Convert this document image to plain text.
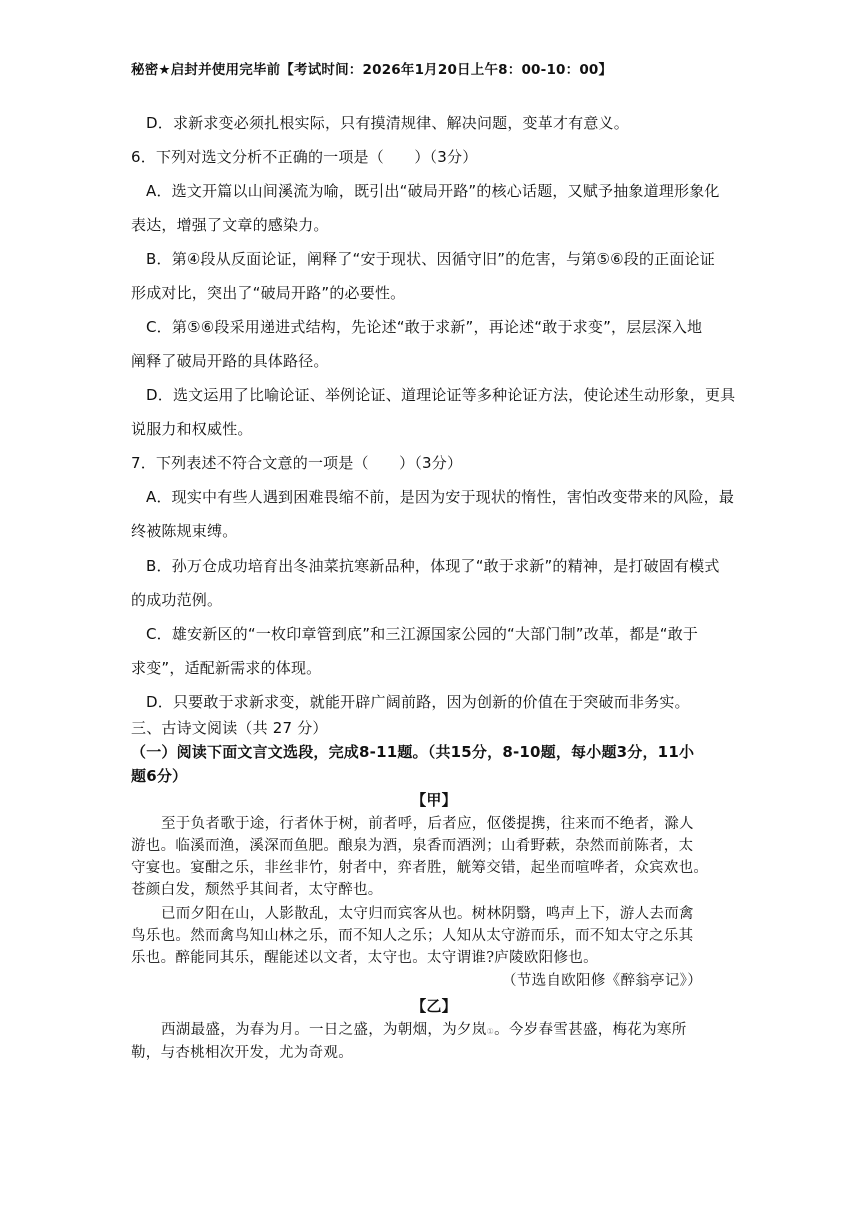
秘密★启封并使用完毕前【考试时间：2026年1月20日上午8：00-10：00】
D．求新求变必须扎根实际，只有摸清规律、解决问题，变革才有意义。
6．下列对选文分析不正确的一项是（　　）（3分）
A．选文开篇以山间溪流为喻，既引出“破局开路”的核心话题，又赋予抽象道理形象化
表达，增强了文章的感染力。
B．第④段从反面论证，阐释了“安于现状、因循守旧”的危害，与第⑤⑥段的正面论证
形成对比，突出了“破局开路”的必要性。
C．第⑤⑥段采用递进式结构，先论述“敢于求新”，再论述“敢于求变”，层层深入地
阐释了破局开路的具体路径。
D．选文运用了比喻论证、举例论证、道理论证等多种论证方法，使论述生动形象，更具
说服力和权威性。
7．下列表述不符合文意的一项是（　　）（3分）
A．现实中有些人遇到困难畏缩不前，是因为安于现状的惰性，害怕改变带来的风险，最
终被陈规束缚。
B．孙万仓成功培育出冬油菜抗寒新品种，体现了“敢于求新”的精神，是打破固有模式
的成功范例。
C．雄安新区的“一枚印章管到底”和三江源国家公园的“大部门制”改革，都是“敢于
求变”，适配新需求的体现。
D．只要敢于求新求变，就能开辟广阔前路，因为创新的价值在于突破而非务实。
三、古诗文阅读（共 27 分）
（一）阅读下面文言文选段，完成8-11题。（共15分，8-10题，每小题3分，11小
题6分）
【甲】
至于负者歌于途，行者休于树，前者呼，后者应，伛偻提携，往来而不绝者，滁人
游也。临溪而渔，溪深而鱼肥。酿泉为酒，泉香而酒洌；山肴野蔌，杂然而前陈者，太
守宴也。宴酣之乐，非丝非竹，射者中，弈者胜，觥筹交错，起坐而喧哗者，众宾欢也。
苍颜白发，颓然乎其间者，太守醉也。
已而夕阳在山，人影散乱，太守归而宾客从也。树林阴翳，鸣声上下，游人去而禽
鸟乐也。然而禽鸟知山林之乐，而不知人之乐；人知从太守游而乐，而不知太守之乐其
乐也。醉能同其乐，醒能述以文者，太守也。太守谓谁?庐陵欧阳修也。
（节选自欧阳修《醉翁亭记》）
【乙】
西湖最盛，为春为月。一日之盛，为朝烟，为夕岚①。今岁春雪甚盛，梅花为寒所
勒，与杏桃相次开发，尤为奇观。
